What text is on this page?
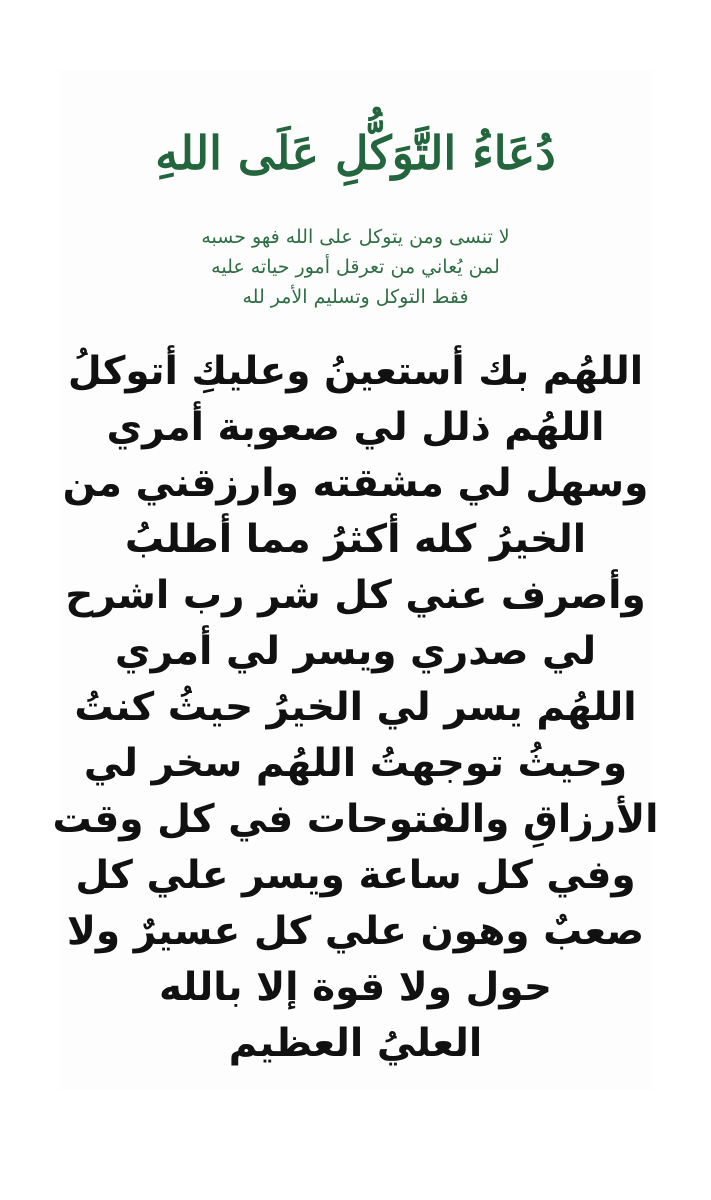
دُعَاءُ التَّوَكُّلِ عَلَى اللهِ
لا تنسى ومن يتوكل على الله فهو حسبه
لمن يُعاني من تعرقل أمور حياته عليه
فقط التوكل وتسليم الأمر لله
اللهُم بك أستعينُ وعليكِ أتوكلُ
اللهُم ذلل لي صعوبة أمري
وسهل لي مشقته وارزقني من
الخيرُ كله أكثرُ مما أطلبُ
وأصرف عني كل شر رب اشرح
لي صدري ويسر لي أمري
اللهُم يسر لي الخيرُ حيثُ كنتُ
وحيثُ توجهتُ اللهُم سخر لي
الأرزاقِ والفتوحات في كل وقت
وفي كل ساعة ويسر علي كل
صعبٌ وهون علي كل عسيرٌ ولا
حول ولا قوة إلا بالله
العليُ العظيم
